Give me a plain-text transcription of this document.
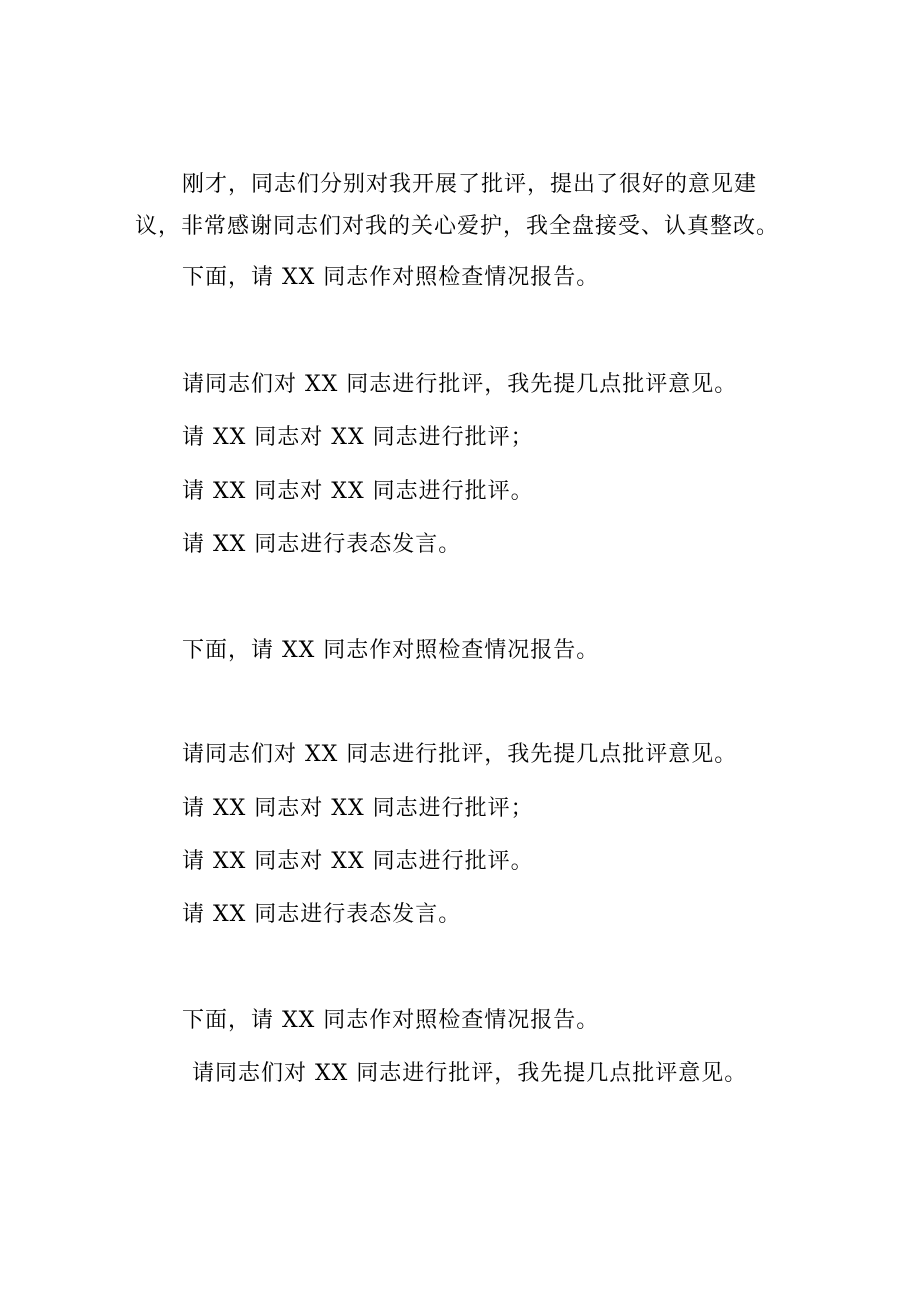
刚才，同志们分别对我开展了批评，提出了很好的意见建
议，非常感谢同志们对我的关心爱护，我全盘接受、认真整改。
下面，请 XX 同志作对照检查情况报告。
请同志们对 XX 同志进行批评，我先提几点批评意见。
请 XX 同志对 XX 同志进行批评；
请 XX 同志对 XX 同志进行批评。
请 XX 同志进行表态发言。
下面，请 XX 同志作对照检查情况报告。
请同志们对 XX 同志进行批评，我先提几点批评意见。
请 XX 同志对 XX 同志进行批评；
请 XX 同志对 XX 同志进行批评。
请 XX 同志进行表态发言。
下面，请 XX 同志作对照检查情况报告。
请同志们对 XX 同志进行批评，我先提几点批评意见。
